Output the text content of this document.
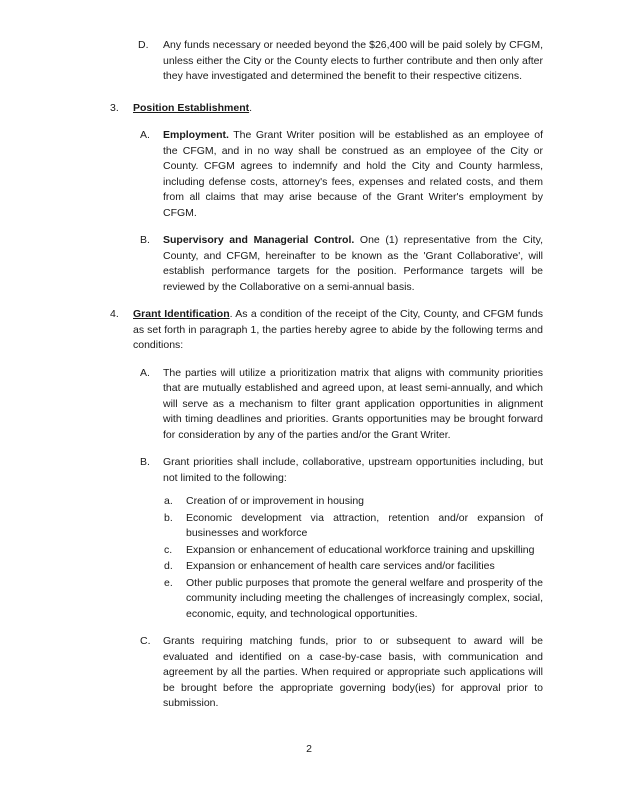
D.	Any funds necessary or needed beyond the $26,400 will be paid solely by CFGM, unless either the City or the County elects to further contribute and then only after they have investigated and determined the benefit to their respective citizens.
3.	Position Establishment.
A.	Employment. The Grant Writer position will be established as an employee of the CFGM, and in no way shall be construed as an employee of the City or County. CFGM agrees to indemnify and hold the City and County harmless, including defense costs, attorney's fees, expenses and related costs, and them from all claims that may arise because of the Grant Writer's employment by CFGM.
B.	Supervisory and Managerial Control. One (1) representative from the City, County, and CFGM, hereinafter to be known as the 'Grant Collaborative', will establish performance targets for the position. Performance targets will be reviewed by the Collaborative on a semi-annual basis.
4.	Grant Identification. As a condition of the receipt of the City, County, and CFGM funds as set forth in paragraph 1, the parties hereby agree to abide by the following terms and conditions:
A.	The parties will utilize a prioritization matrix that aligns with community priorities that are mutually established and agreed upon, at least semi-annually, and which will serve as a mechanism to filter grant application opportunities in alignment with timing deadlines and priorities. Grants opportunities may be brought forward for consideration by any of the parties and/or the Grant Writer.
B.	Grant priorities shall include, collaborative, upstream opportunities including, but not limited to the following:
a.	Creation of or improvement in housing
b.	Economic development via attraction, retention and/or expansion of businesses and workforce
c.	Expansion or enhancement of educational workforce training and upskilling
d.	Expansion or enhancement of health care services and/or facilities
e.	Other public purposes that promote the general welfare and prosperity of the community including meeting the challenges of increasingly complex, social, economic, equity, and technological opportunities.
C.	Grants requiring matching funds, prior to or subsequent to award will be evaluated and identified on a case-by-case basis, with communication and agreement by all the parties. When required or appropriate such applications will be brought before the appropriate governing body(ies) for approval prior to submission.
2
